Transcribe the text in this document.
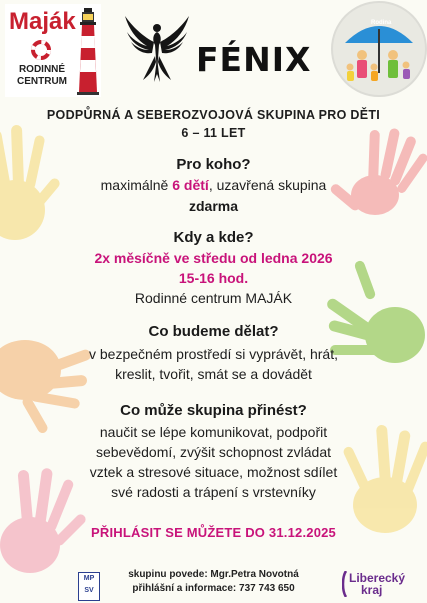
Maják
RODINNÉ
CENTRUM
FÉNIX
Rodina
PODPŮRNÁ A SEBEROZVOJOVÁ SKUPINA PRO DĚTI
6 – 11 LET
Pro koho?
maximálně 6 dětí, uzavřená skupina
zdarma
Kdy a kde?
2x měsíčně ve středu od ledna 2026
15-16 hod.
Rodinné centrum MAJÁK
Co budeme dělat?
v bezpečném prostředí si vyprávět, hrát,
kreslit, tvořit, smát se a dovádět
Co může skupina přinést?
naučit se lépe komunikovat, podpořit
sebevědomí, zvýšit schopnost zvládat
vztek a stresové situace, možnost sdílet
své radosti a trápení s vrstevníky
PŘIHLÁSIT SE MŮŽETE DO 31.12.2025
skupinu povede: Mgr.Petra Novotná
přihlášní a informace: 737 743 650
MP
SV
Liberecký
kraj
